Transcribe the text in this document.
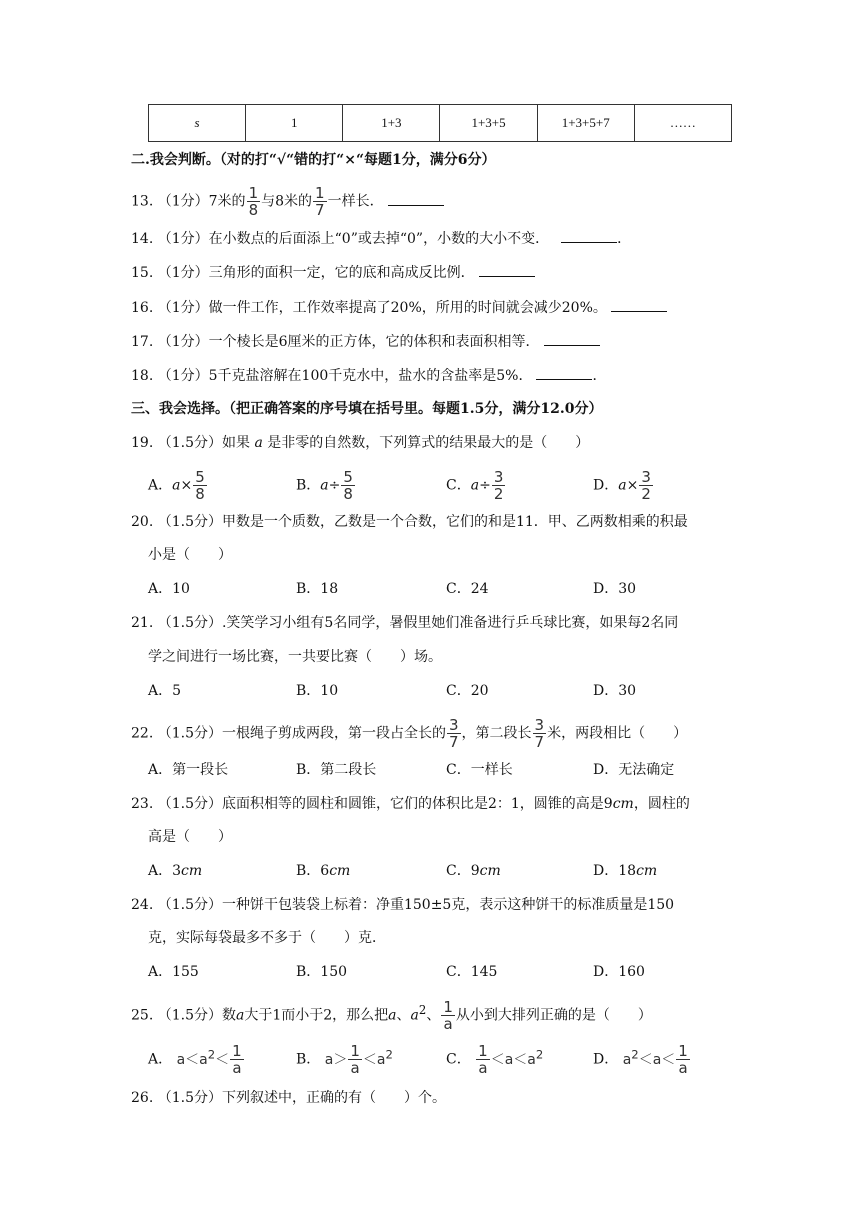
s	1	1+3	1+3+5	1+3+5+7	……
二.我会判断。（对的打“√“错的打“×“每题1分，满分6分）
13. （1分）7米的 $\frac{1}{8}$ 与8米的 $\frac{1}{7}$ 一样长．
14. （1分）在小数点的后面添上“0”或去掉“0”，小数的大小不变．	．
15. （1分）三角形的面积一定，它的底和高成反比例．
16. （1分）做一件工作，工作效率提高了20%，所用的时间就会减少20%。
17. （1分）一个棱长是6厘米的正方体，它的体积和表面积相等．
18. （1分）5千克盐溶解在100千克水中，盐水的含盐率是5%．	．
三、我会选择。（把正确答案的序号填在括号里。每题1.5分，满分12.0分）
19. （1.5分）如果 a 是非零的自然数，下列算式的结果最大的是（　　）
A．$a\times \frac{5}{8}$	B．$a\div \frac{5}{8}$	C．$a\div \frac{3}{2}$	D．$a\times \frac{3}{2}$
20. （1.5分）甲数是一个质数，乙数是一个合数，它们的和是11．甲、乙两数相乘的积最
小是（　　）
A．10	B．18	C．24	D．30
21. （1.5分）.笑笑学习小组有5名同学，暑假里她们准备进行乒乓球比赛，如果每2名同
学之间进行一场比赛，一共要比赛（　　）场。
A．5	B．10	C．20	D．30
22. （1.5分）一根绳子剪成两段，第一段占全长的 $\frac{3}{7}$ ，第二段长 $\frac{3}{7}$ 米，两段相比（　　）
A．第一段长	B．第二段长	C．一样长	D．无法确定
23. （1.5分）底面积相等的圆柱和圆锥，它们的体积比是2：1，圆锥的高是9cm，圆柱的
高是（　　）
A．3cm	B．6cm	C．9cm	D．18cm
24. （1.5分）一种饼干包装袋上标着：净重150±5克，表示这种饼干的标准质量是150
克，实际每袋最多不多于（　　）克．
A．155	B．150	C．145	D．160
25. （1.5分）数a大于1而小于2，那么把a、$a^2$、 $\frac{1}{a}$ 从小到大排列正确的是（　　）
A． $a<a^2< \frac{1}{a}$	B． $a> \frac{1}{a} <a^2$	C． $\frac{1}{a} <a<a^2$	D． $a^2<a< \frac{1}{a}$
26. （1.5分）下列叙述中，正确的有（　　）个。
